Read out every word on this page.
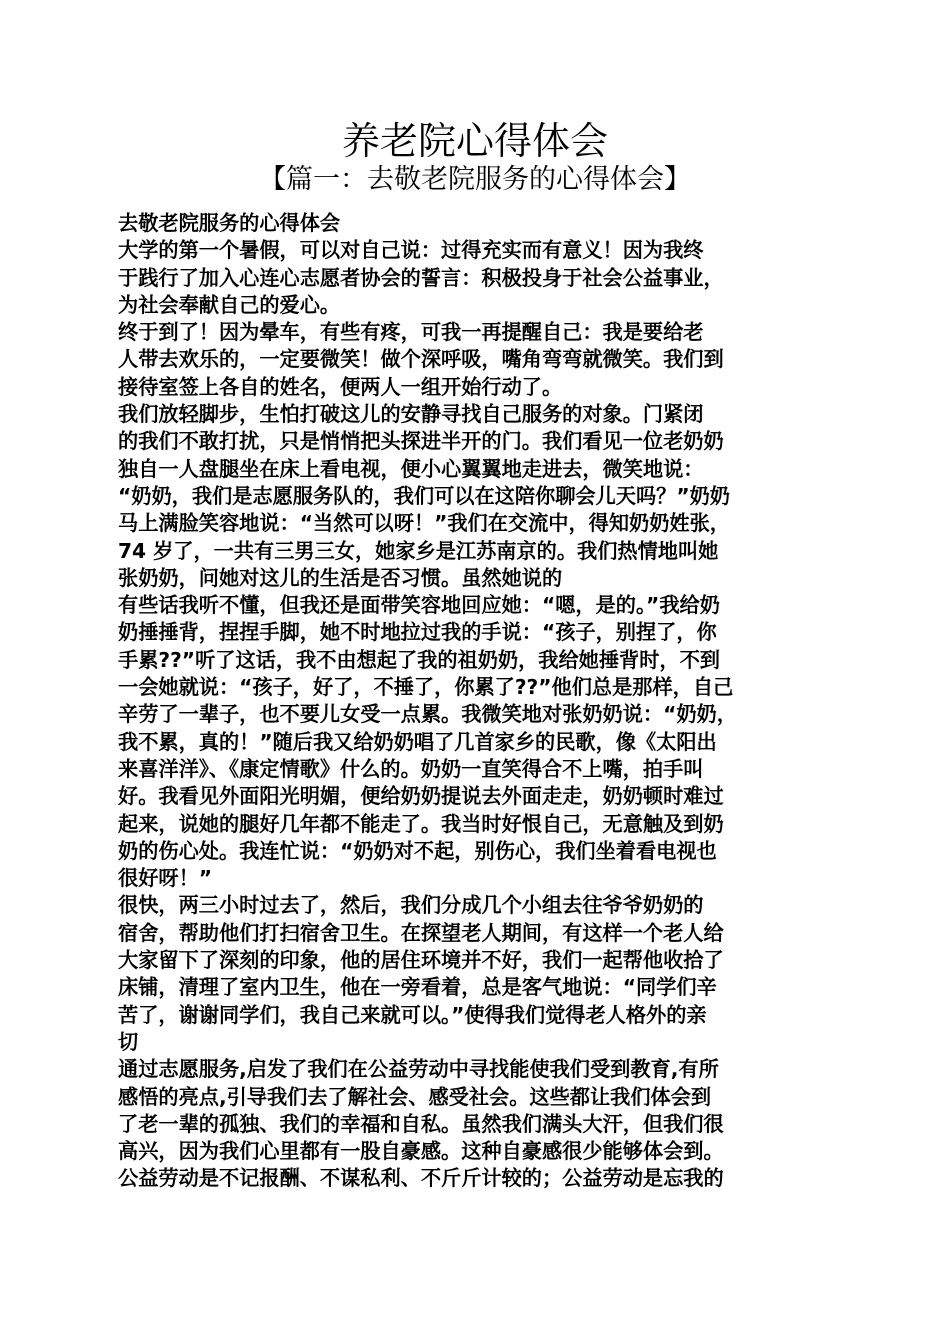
养老院心得体会
【篇一：去敬老院服务的心得体会】
去敬老院服务的心得体会
大学的第一个暑假，可以对自己说：过得充实而有意义！因为我终
于践行了加入心连心志愿者协会的誓言：积极投身于社会公益事业，
为社会奉献自己的爱心。
终于到了！因为晕车，有些有疼，可我一再提醒自己：我是要给老
人带去欢乐的，一定要微笑！做个深呼吸，嘴角弯弯就微笑。我们到
接待室签上各自的姓名，便两人一组开始行动了。
我们放轻脚步，生怕打破这儿的安静寻找自己服务的对象。门紧闭
的我们不敢打扰，只是悄悄把头探进半开的门。我们看见一位老奶奶
独自一人盘腿坐在床上看电视，便小心翼翼地走进去，微笑地说：
“奶奶，我们是志愿服务队的，我们可以在这陪你聊会儿天吗？”奶奶
马上满脸笑容地说：“当然可以呀！”我们在交流中，得知奶奶姓张，
74 岁了，一共有三男三女，她家乡是江苏南京的。我们热情地叫她
张奶奶，问她对这儿的生活是否习惯。虽然她说的
有些话我听不懂，但我还是面带笑容地回应她：“嗯，是的。”我给奶
奶捶捶背，捏捏手脚，她不时地拉过我的手说：“孩子，别捏了，你
手累??”听了这话，我不由想起了我的祖奶奶，我给她捶背时，不到
一会她就说：“孩子，好了，不捶了，你累了??”他们总是那样，自己
辛劳了一辈子，也不要儿女受一点累。我微笑地对张奶奶说：“奶奶，
我不累，真的！”随后我又给奶奶唱了几首家乡的民歌，像《太阳出
来喜洋洋》、《康定情歌》什么的。奶奶一直笑得合不上嘴，拍手叫
好。我看见外面阳光明媚，便给奶奶提说去外面走走，奶奶顿时难过
起来，说她的腿好几年都不能走了。我当时好恨自己，无意触及到奶
奶的伤心处。我连忙说：“奶奶对不起，别伤心，我们坐着看电视也
很好呀！”
很快，两三小时过去了，然后，我们分成几个小组去往爷爷奶奶的
宿舍，帮助他们打扫宿舍卫生。在探望老人期间，有这样一个老人给
大家留下了深刻的印象，他的居住环境并不好，我们一起帮他收拾了
床铺，清理了室内卫生，他在一旁看着，总是客气地说：“同学们辛
苦了，谢谢同学们，我自己来就可以。”使得我们觉得老人格外的亲
切
通过志愿服务,启发了我们在公益劳动中寻找能使我们受到教育,有所
感悟的亮点,引导我们去了解社会、感受社会。这些都让我们体会到
了老一辈的孤独、我们的幸福和自私。虽然我们满头大汗，但我们很
高兴，因为我们心里都有一股自豪感。这种自豪感很少能够体会到。
公益劳动是不记报酬、不谋私利、不斤斤计较的；公益劳动是忘我的
